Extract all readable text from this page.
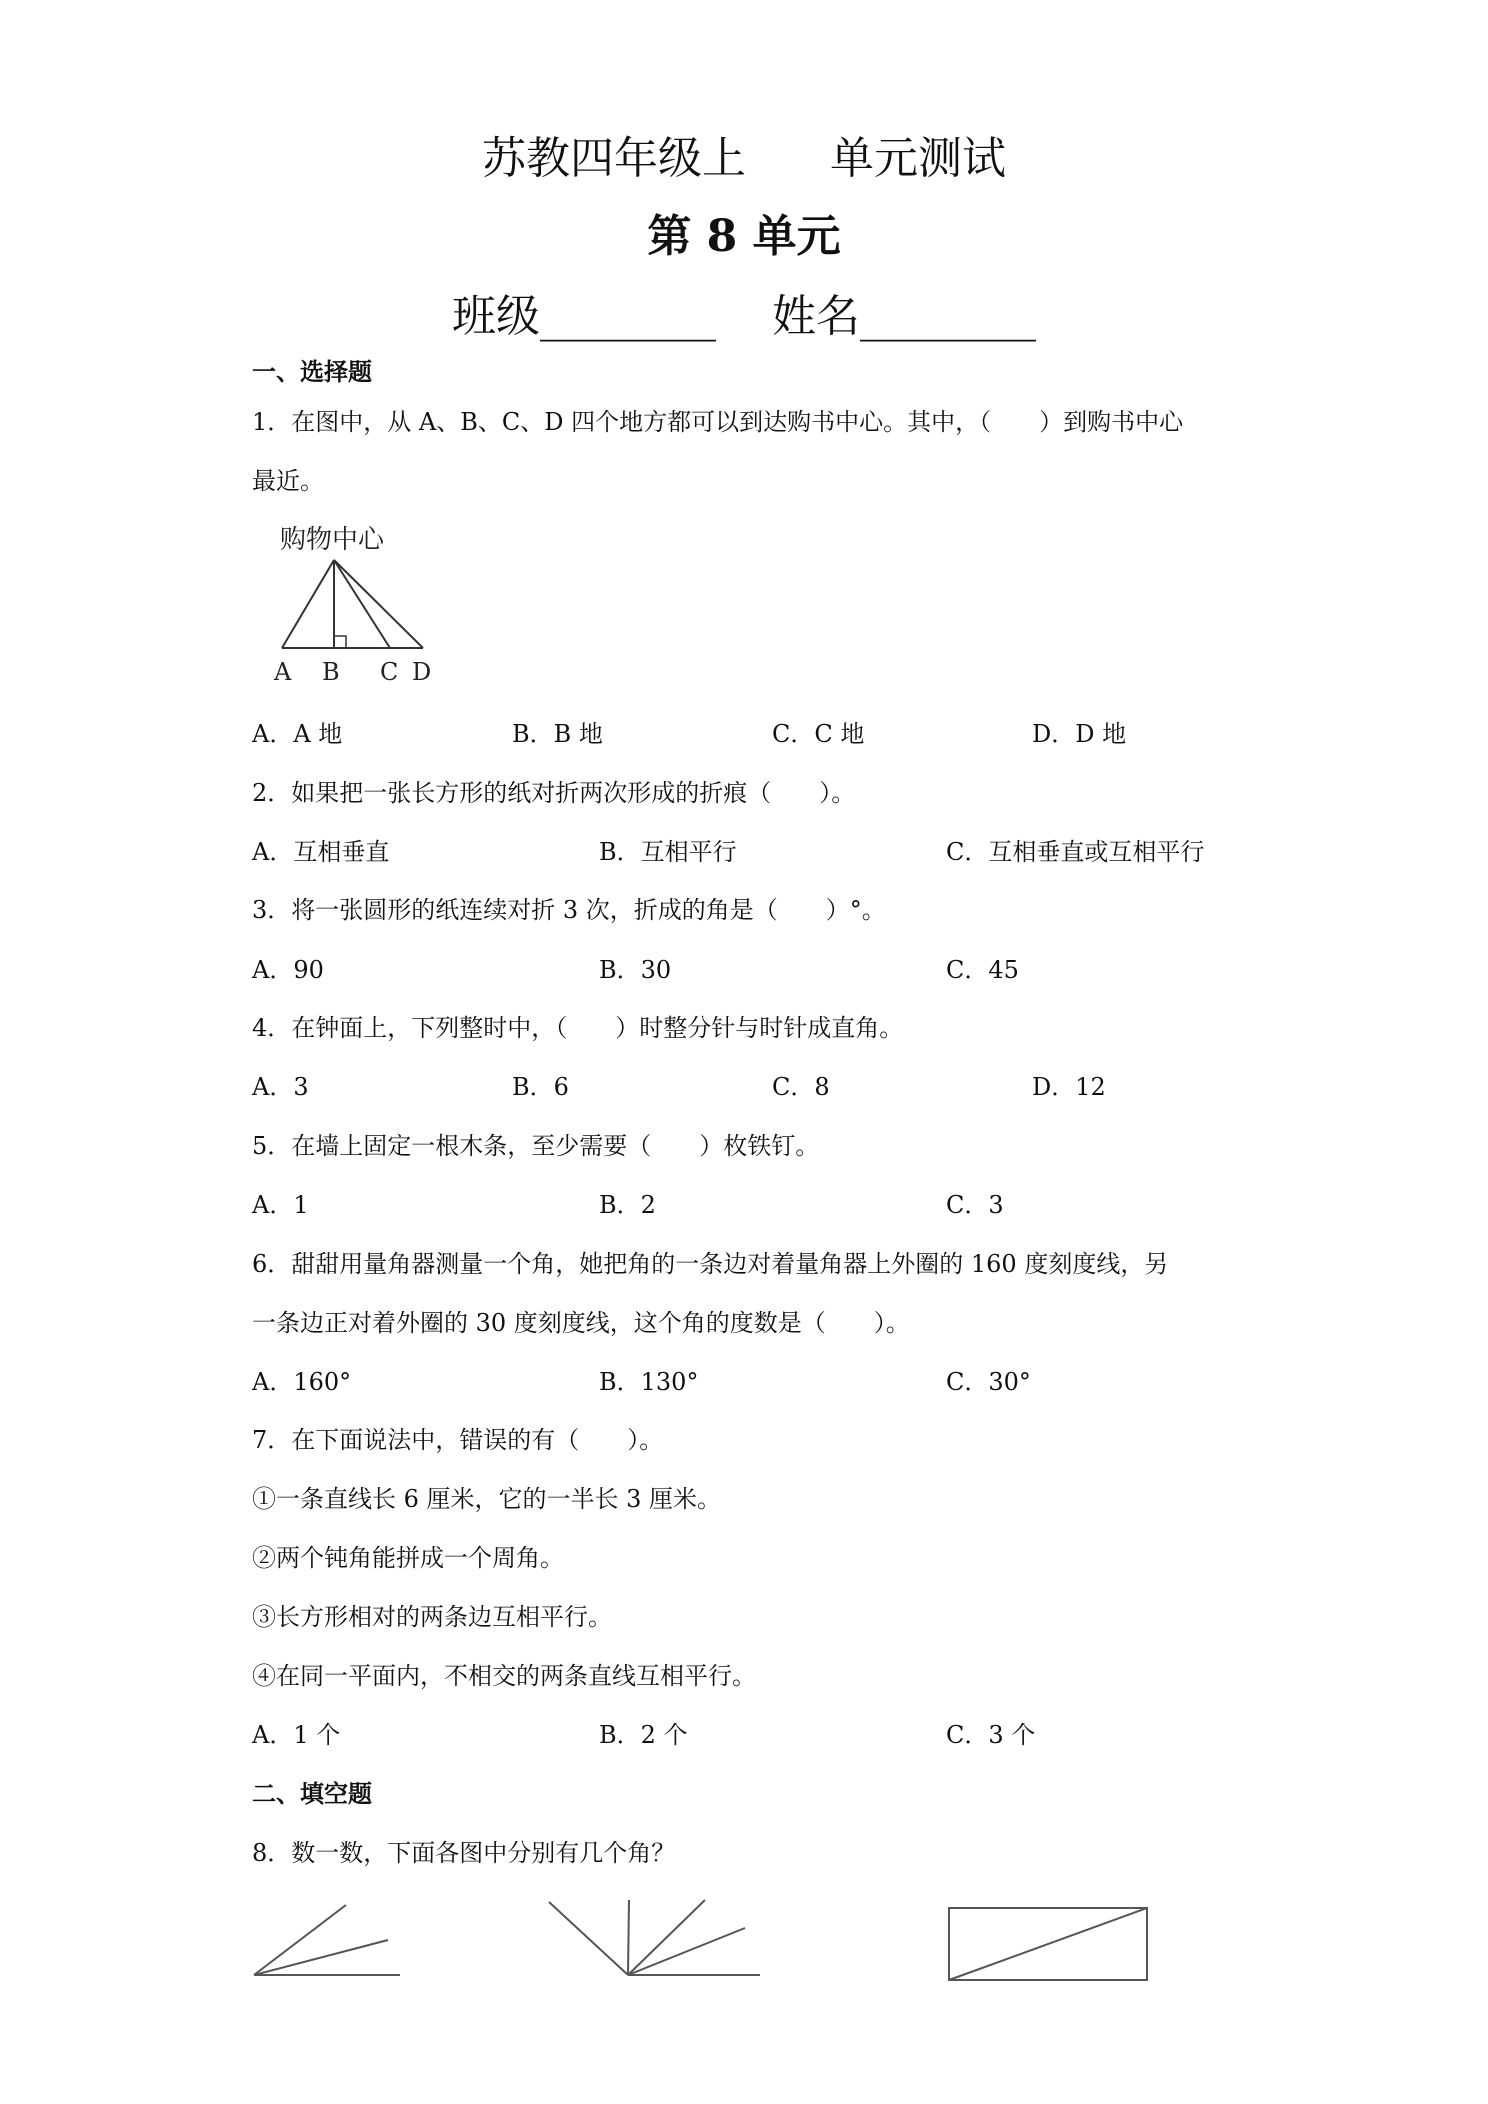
苏教四年级上      单元测试
第 8 单元
班级________    姓名________
一、选择题
1．在图中，从 A、B、C、D 四个地方都可以到达购书中心。其中，（　　）到购书中心
最近。
购物中心
A B C D
A．A 地	B．B 地	C．C 地	D．D 地
2．如果把一张长方形的纸对折两次形成的折痕（　　）。
A．互相垂直	B．互相平行	C．互相垂直或互相平行
3．将一张圆形的纸连续对折 3 次，折成的角是（　　）°。
A．90	B．30	C．45
4．在钟面上，下列整时中，（　　）时整分针与时针成直角。
A．3	B．6	C．8	D．12
5．在墙上固定一根木条，至少需要（　　）枚铁钉。
A．1	B．2	C．3
6．甜甜用量角器测量一个角，她把角的一条边对着量角器上外圈的 160 度刻度线，另
一条边正对着外圈的 30 度刻度线，这个角的度数是（　　）。
A．160°	B．130°	C．30°
7．在下面说法中，错误的有（　　）。
①一条直线长 6 厘米，它的一半长 3 厘米。
②两个钝角能拼成一个周角。
③长方形相对的两条边互相平行。
④在同一平面内，不相交的两条直线互相平行。
A．1 个	B．2 个	C．3 个
二、填空题
8．数一数，下面各图中分别有几个角？
